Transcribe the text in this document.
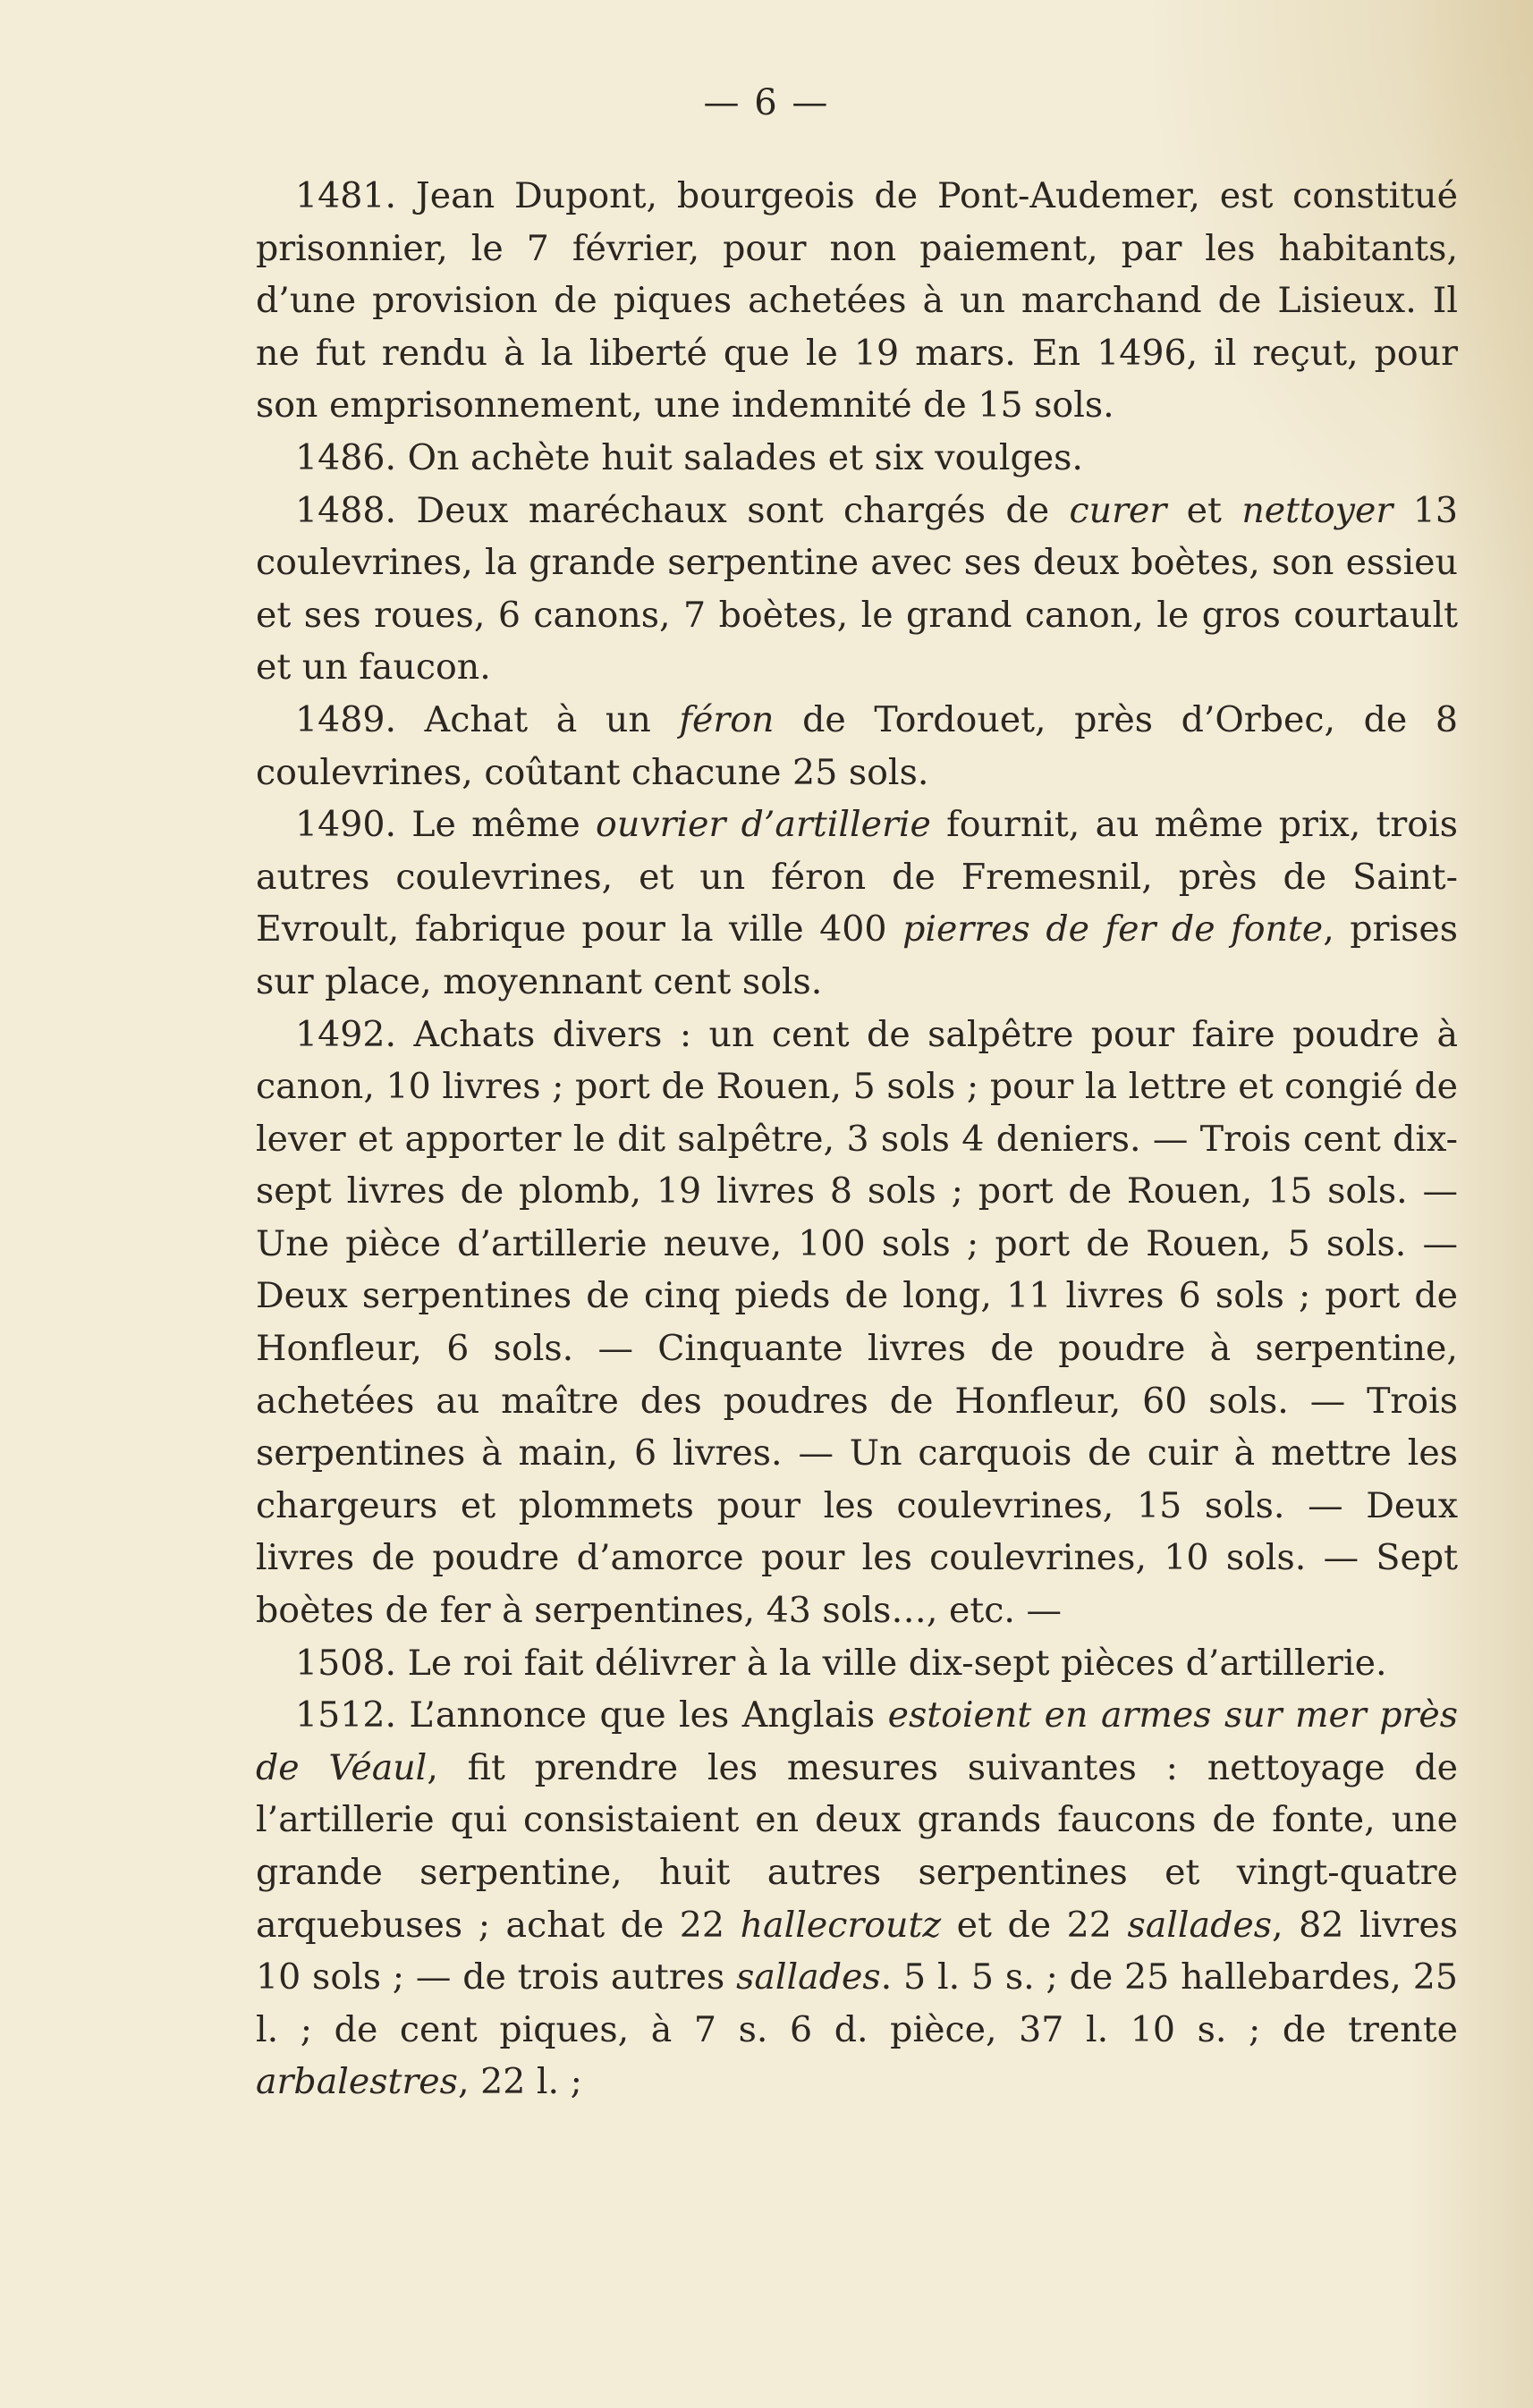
— 6 —

1481. Jean Dupont, bourgeois de Pont-Audemer, est constitué prisonnier, le 7 février, pour non paiement, par les habitants, d’une provision de piques achetées à un marchand de Lisieux. Il ne fut rendu à la liberté que le 19 mars. En 1496, il reçut, pour son emprisonnement, une indemnité de 15 sols.

1486. On achète huit salades et six voulges.

1488. Deux maréchaux sont chargés de curer et nettoyer 13 coulevrines, la grande serpentine avec ses deux boètes, son essieu et ses roues, 6 canons, 7 boètes, le grand canon, le gros courtault et un faucon.

1489. Achat à un féron de Tordouet, près d’Orbec, de 8 coulevrines, coûtant chacune 25 sols.

1490. Le même ouvrier d’artillerie fournit, au même prix, trois autres coulevrines, et un féron de Fremesnil, près de Saint-Evroult, fabrique pour la ville 400 pierres de fer de fonte, prises sur place, moyennant cent sols.

1492. Achats divers : un cent de salpêtre pour faire poudre à canon, 10 livres ; port de Rouen, 5 sols ; pour la lettre et congié de lever et apporter le dit salpêtre, 3 sols 4 deniers. — Trois cent dix-sept livres de plomb, 19 livres 8 sols ; port de Rouen, 15 sols. — Une pièce d’artillerie neuve, 100 sols ; port de Rouen, 5 sols. — Deux serpentines de cinq pieds de long, 11 livres 6 sols ; port de Honfleur, 6 sols. — Cinquante livres de poudre à serpentine, achetées au maître des poudres de Honfleur, 60 sols. — Trois serpentines à main, 6 livres. — Un carquois de cuir à mettre les chargeurs et plommets pour les coulevrines, 15 sols. — Deux livres de poudre d’amorce pour les coulevrines, 10 sols. — Sept boètes de fer à serpentines, 43 sols…, etc. —

1508. Le roi fait délivrer à la ville dix-sept pièces d’artillerie.

1512. L’annonce que les Anglais estoient en armes sur mer près de Véaul, fit prendre les mesures suivantes : nettoyage de l’artillerie qui consistaient en deux grands faucons de fonte, une grande serpentine, huit autres serpentines et vingt-quatre arquebuses ; achat de 22 hallecroutz et de 22 sallades, 82 livres 10 sols ; — de trois autres sallades. 5 l. 5 s. ; de 25 hallebardes, 25 l. ; de cent piques, à 7 s. 6 d. pièce, 37 l. 10 s. ; de trente arbalestres, 22 l. ;
